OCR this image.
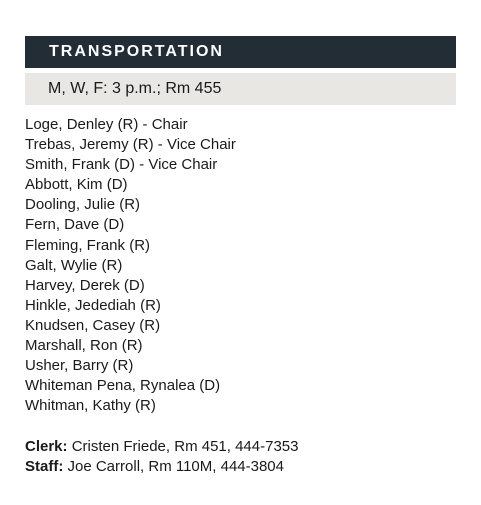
TRANSPORTATION
M, W, F: 3 p.m.; Rm 455
Loge, Denley (R) - Chair
Trebas, Jeremy (R) - Vice Chair
Smith, Frank (D) - Vice Chair
Abbott, Kim (D)
Dooling, Julie (R)
Fern, Dave (D)
Fleming, Frank (R)
Galt, Wylie (R)
Harvey, Derek (D)
Hinkle, Jedediah (R)
Knudsen, Casey (R)
Marshall, Ron (R)
Usher, Barry (R)
Whiteman Pena, Rynalea (D)
Whitman, Kathy (R)
Clerk: Cristen Friede, Rm 451, 444-7353
Staff: Joe Carroll, Rm 110M, 444-3804
